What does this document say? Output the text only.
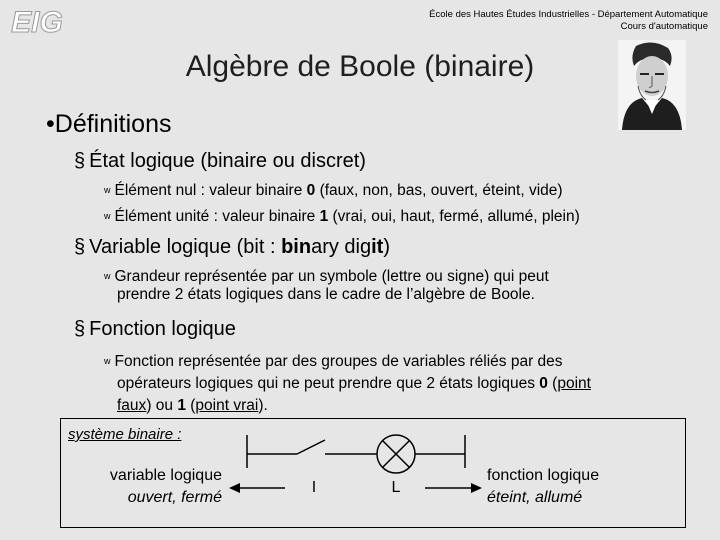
EIG	École des Hautes Études Industrielles - Département Automatique
Cours d'automatique
Algèbre de Boole (binaire)
•Définitions
§ État logique (binaire ou discret)
w Élément nul : valeur binaire 0 (faux, non, bas, ouvert, éteint, vide)
w Élément unité : valeur binaire 1 (vrai, oui, haut, fermé, allumé, plein)
§ Variable logique (bit : binary digit)
w Grandeur représentée par un symbole (lettre ou signe) qui peut
prendre 2 états logiques dans le cadre de l’algèbre de Boole.
§ Fonction logique
w Fonction représentée par des groupes de variables réliés par des
opérateurs logiques qui ne peut prendre que 2 états logiques 0 (point
faux) ou 1 (point vrai).
système binaire :
variable logique
ouvert, fermé
I	L
fonction logique
éteint, allumé
